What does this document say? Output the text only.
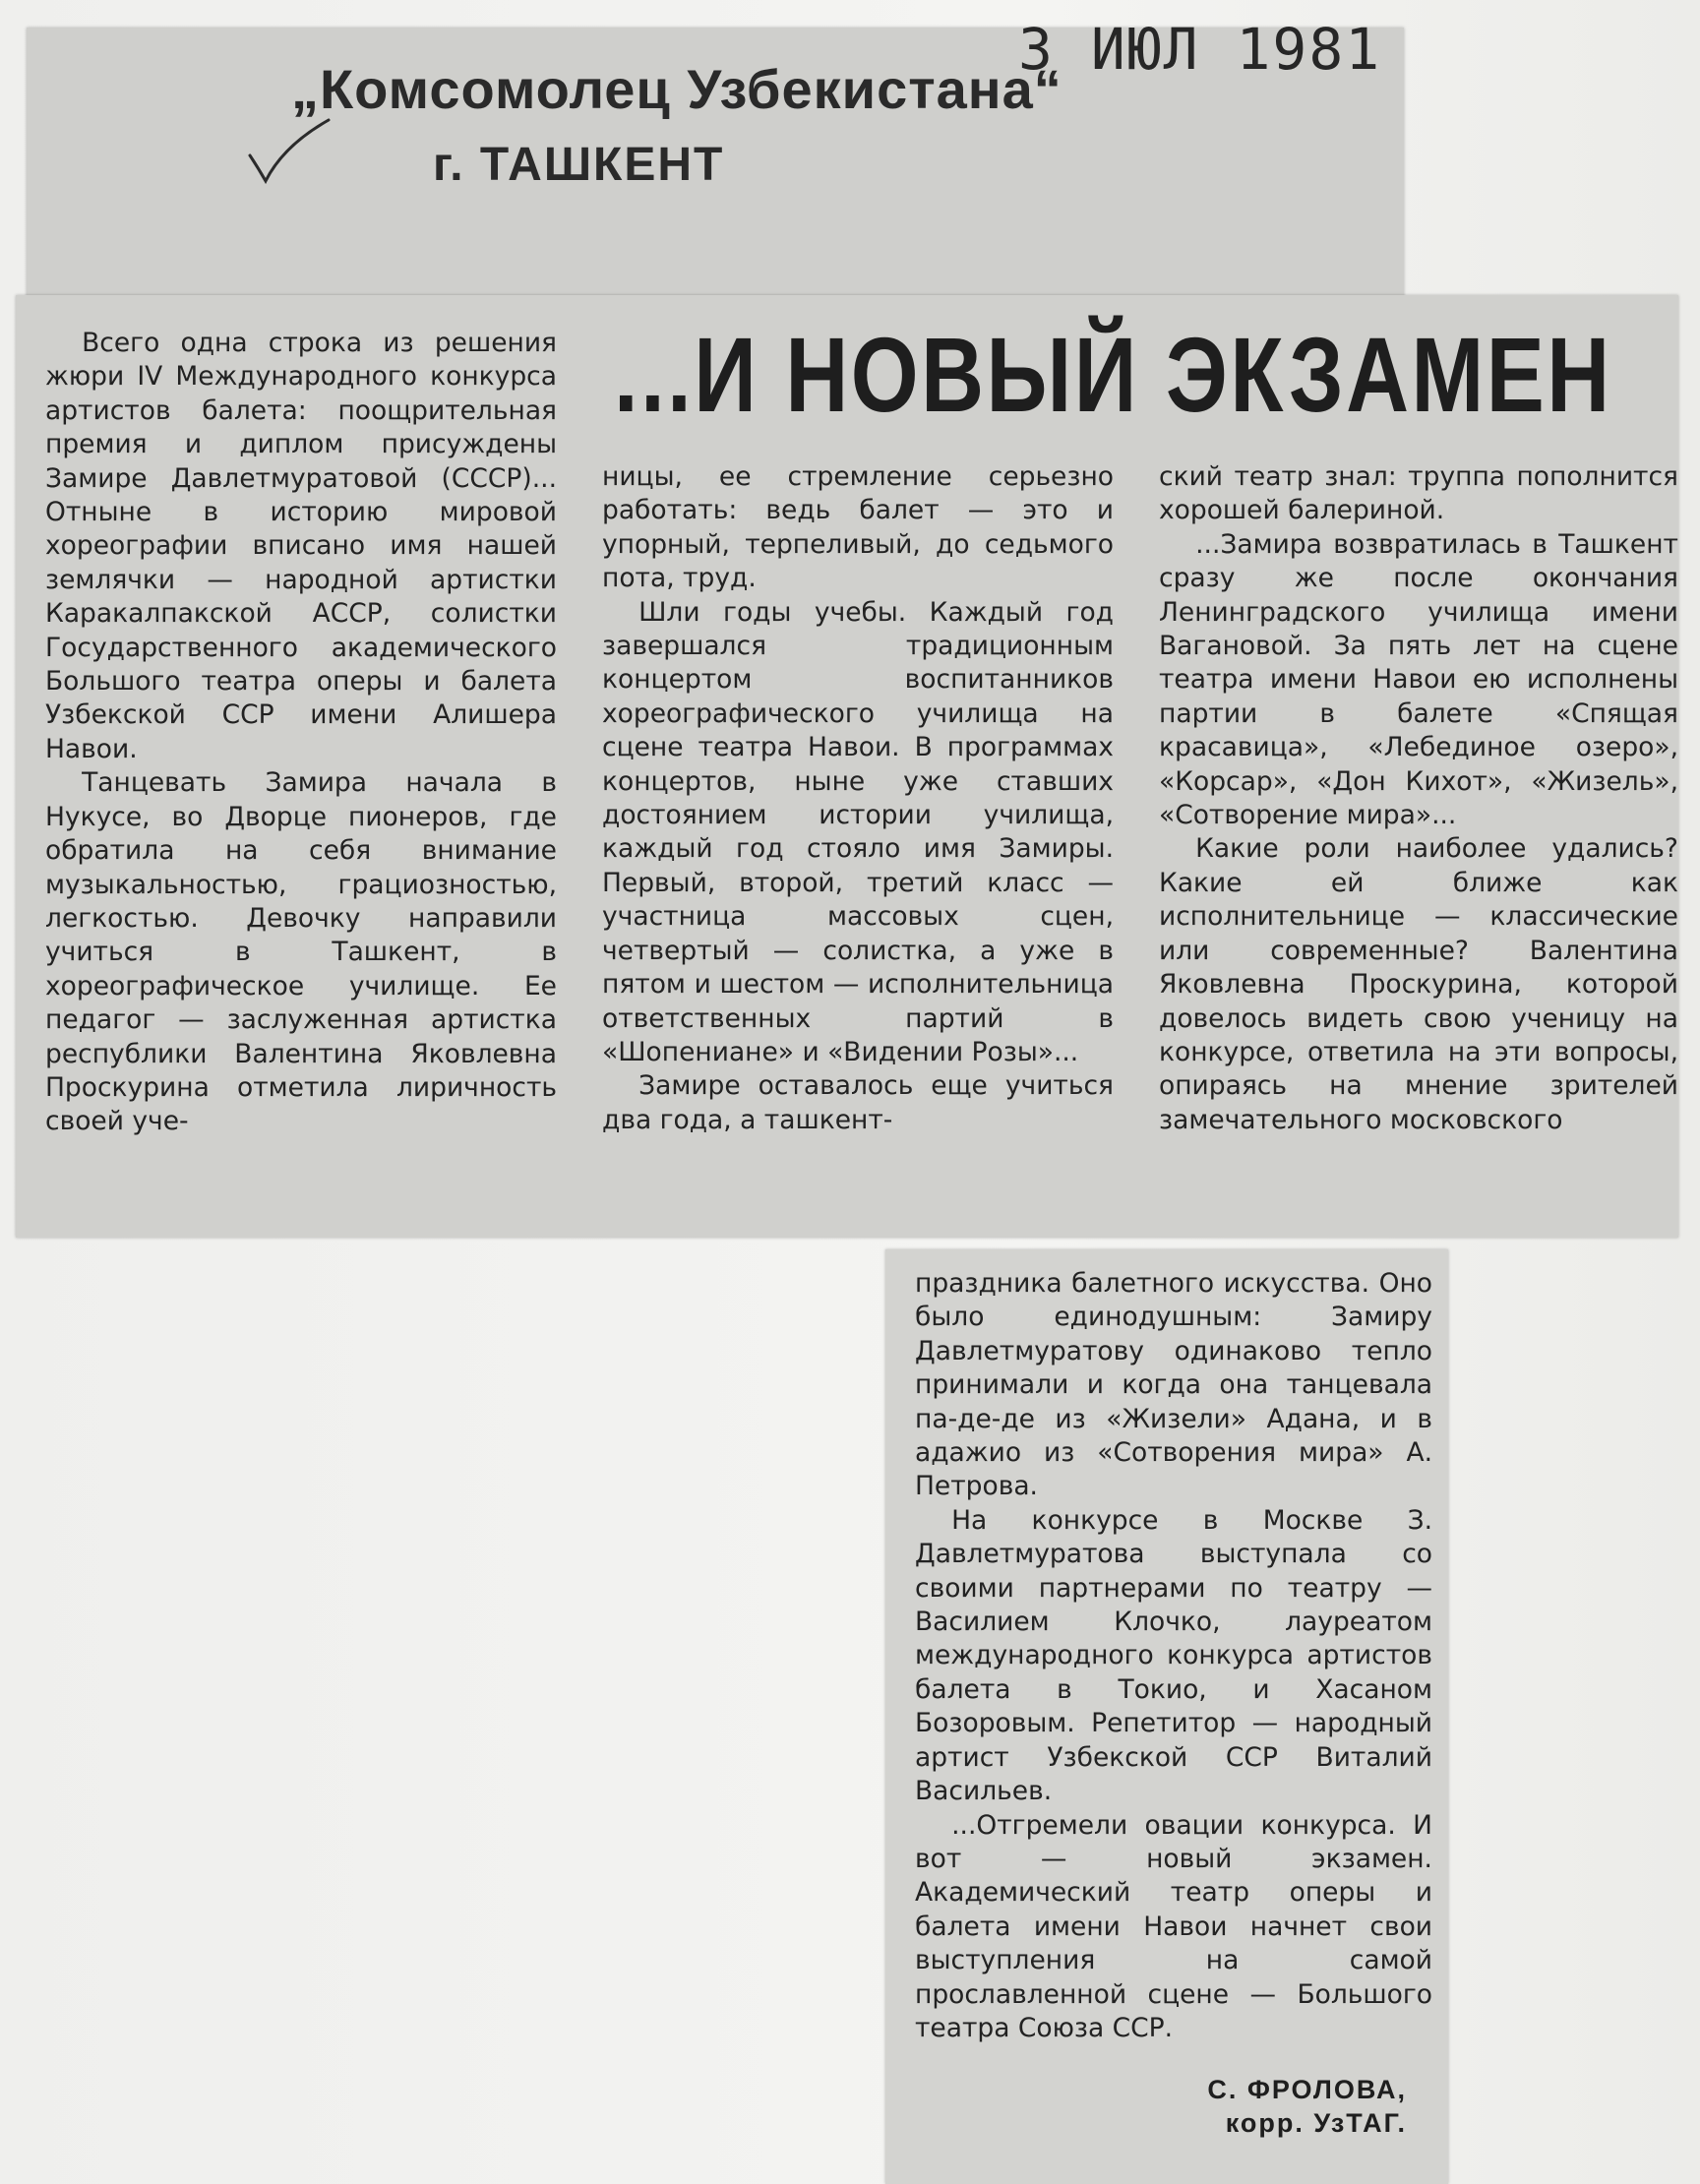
3 ИЮЛ 1981
„Комсомолец Узбекистана“
г. ТАШКЕНТ
...И НОВЫЙ ЭКЗАМЕН

Всего одна строка из решения жюри IV Международного конкурса артистов балета: поощрительная премия и диплом присуждены Замире Давлетмуратовой (СССР)... Отныне в историю мировой хореографии вписано имя нашей землячки — народной артистки Каракалпакской АССР, солистки Государственного академического Большого театра оперы и балета Узбекской ССР имени Алишера Навои.

Танцевать Замира начала в Нукусе, во Дворце пионеров, где обратила на себя внимание музыкальностью, грациозностью, легкостью. Девочку направили учиться в Ташкент, в хореографическое училище. Ее педагог — заслуженная артистка республики Валентина Яковлевна Проскурина отметила лиричность своей уче-

ницы, ее стремление серьезно работать: ведь балет — это и упорный, терпеливый, до седьмого пота, труд.

Шли годы учебы. Каждый год завершался традиционным концертом воспитанников хореографического училища на сцене театра Навои. В программах концертов, ныне уже ставших достоянием истории училища, каждый год стояло имя Замиры. Первый, второй, третий класс — участница массовых сцен, четвертый — солистка, а уже в пятом и шестом — исполнительница ответственных партий в «Шопениане» и «Видении Розы»...

Замире оставалось еще учиться два года, а ташкент-

ский театр знал: труппа пополнится хорошей балериной.

...Замира возвратилась в Ташкент сразу же после окончания Ленинградского училища имени Вагановой. За пять лет на сцене театра имени Навои ею исполнены партии в балете «Спящая красавица», «Лебединое озеро», «Корсар», «Дон Кихот», «Жизель», «Сотворение мира»...

Какие роли наиболее удались? Какие ей ближе как исполнительнице — классические или современные? Валентина Яковлевна Проскурина, которой довелось видеть свою ученицу на конкурсе, ответила на эти вопросы, опираясь на мнение зрителей замечательного московского

праздника балетного искусства. Оно было единодушным: Замиру Давлетмуратову одинаково тепло принимали и когда она танцевала па-де-де из «Жизели» Адана, и в адажио из «Сотворения мира» А. Петрова.

На конкурсе в Москве З. Давлетмуратова выступала со своими партнерами по театру — Василием Клочко, лауреатом международного конкурса артистов балета в Токио, и Хасаном Бозоровым. Репетитор — народный артист Узбекской ССР Виталий Васильев.

...Отгремели овации конкурса. И вот — новый экзамен. Академический театр оперы и балета имени Навои начнет свои выступления на самой прославленной сцене — Большого театра Союза ССР.

С. ФРОЛОВА,
корр. УзТАГ.
